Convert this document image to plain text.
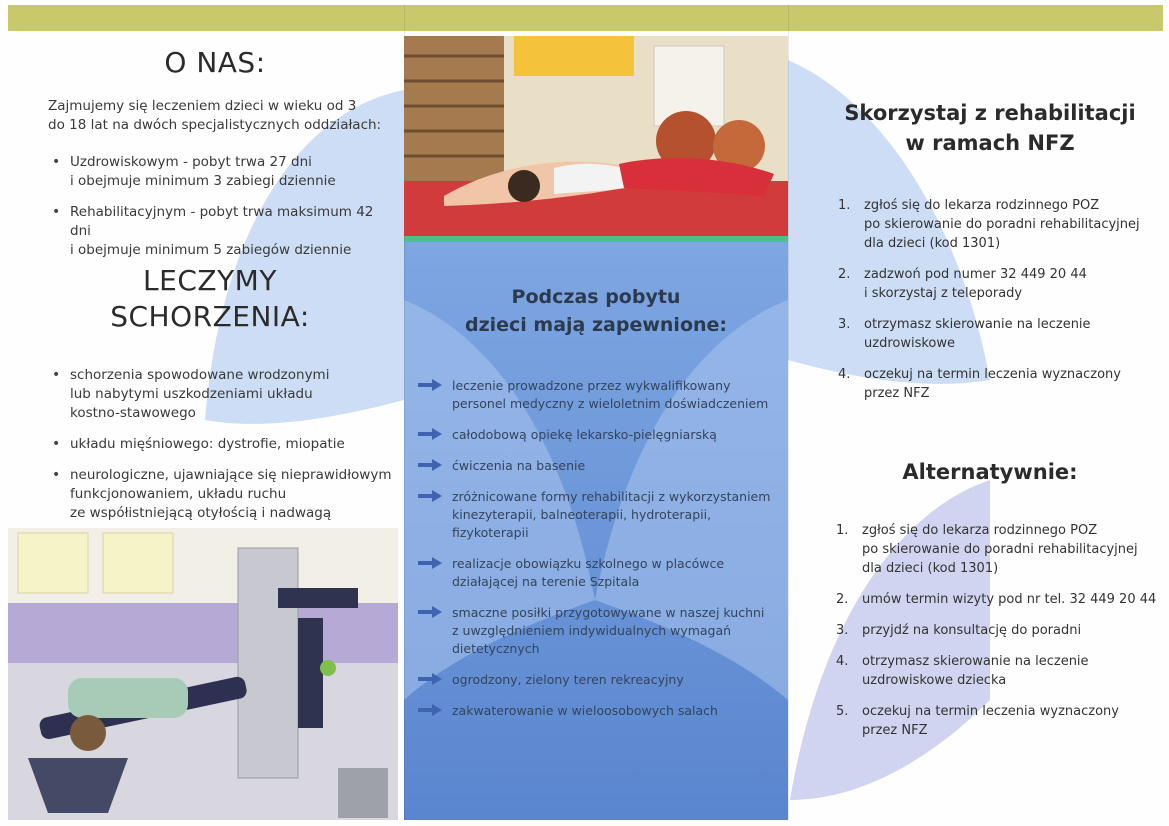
O NAS:
Zajmujemy się leczeniem dzieci w wieku od 3
do 18 lat na dwóch specjalistycznych oddziałach:
• Uzdrowiskowym - pobyt trwa 27 dni
i obejmuje minimum 3 zabiegi dziennie
• Rehabilitacyjnym - pobyt trwa maksimum 42 dni
i obejmuje minimum 5 zabiegów dziennie
LECZYMY
SCHORZENIA:
• schorzenia spowodowane wrodzonymi
lub nabytymi uszkodzeniami układu
kostno-stawowego
• układu mięśniowego: dystrofie, miopatie
• neurologiczne, ujawniające się nieprawidłowym
funkcjonowaniem, układu ruchu
ze współistniejącą otyłością i nadwagą
Podczas pobytu
dzieci mają zapewnione:
leczenie prowadzone przez wykwalifikowany
personel medyczny z wieloletnim doświadczeniem
całodobową opiekę lekarsko-pielęgniarską
ćwiczenia na basenie
zróżnicowane formy rehabilitacji z wykorzystaniem
kinezyterapii, balneoterapii, hydroterapii,
fizykoterapii
realizacje obowiązku szkolnego w placówce
działającej na terenie Szpitala
smaczne posiłki przygotowywane w naszej kuchni
z uwzględnieniem indywidualnych wymagań
dietetycznych
ogrodzony, zielony teren rekreacyjny
zakwaterowanie w wieloosobowych salach
Skorzystaj z rehabilitacji
w ramach NFZ
1. zgłoś się do lekarza rodzinnego POZ
po skierowanie do poradni rehabilitacyjnej
dla dzieci (kod 1301)
2. zadzwoń pod numer 32 449 20 44
i skorzystaj z teleporady
3. otrzymasz skierowanie na leczenie
uzdrowiskowe
4. oczekuj na termin leczenia wyznaczony
przez NFZ
Alternatywnie:
1. zgłoś się do lekarza rodzinnego POZ
po skierowanie do poradni rehabilitacyjnej
dla dzieci (kod 1301)
2. umów termin wizyty pod nr tel. 32 449 20 44
3. przyjdź na konsultację do poradni
4. otrzymasz skierowanie na leczenie
uzdrowiskowe dziecka
5. oczekuj na termin leczenia wyznaczony
przez NFZ
